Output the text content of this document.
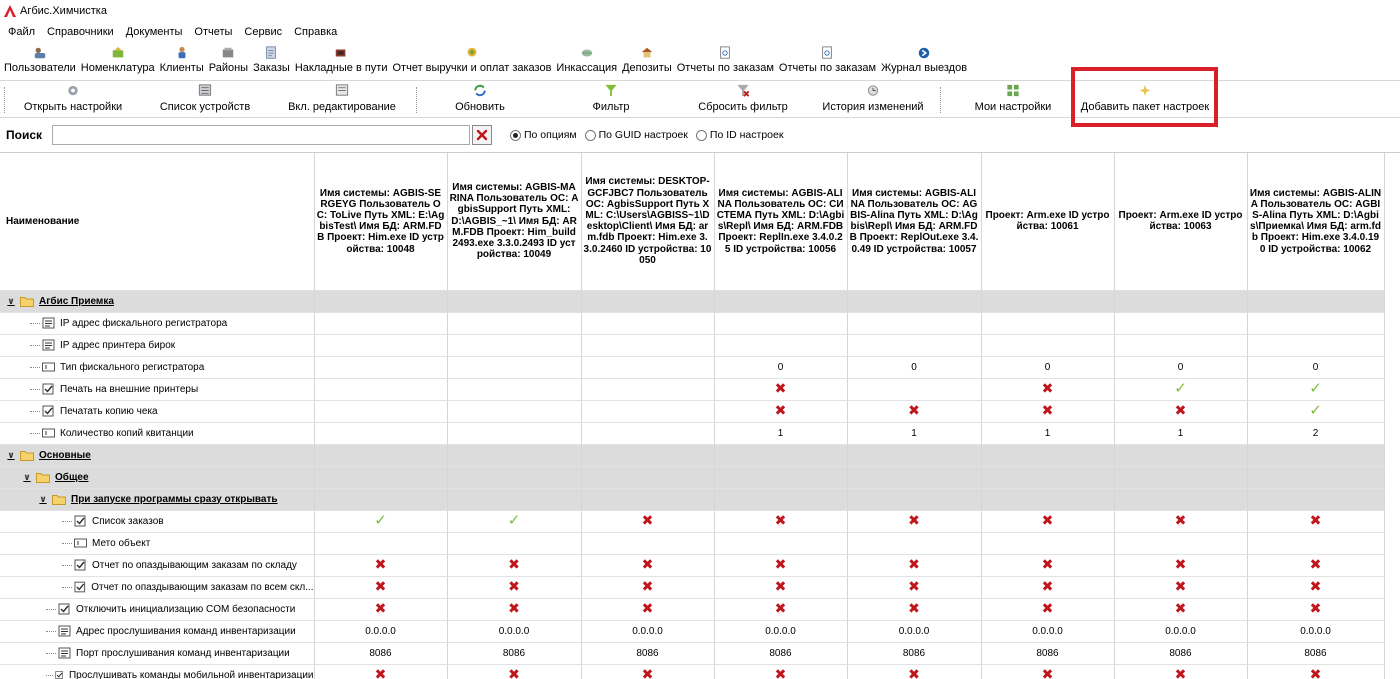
Агбис.Химчистка
Файл Справочники Документы Отчеты Сервис Справка
Пользователи Номенклатура Клиенты Районы Заказы Накладные в пути Отчет выручки и оплат заказов Инкассация Депозиты Отчеты по заказам Отчеты по заказам Журнал выездов
Открыть настройки	Список устройств	Вкл. редактирование	Обновить	Фильтр	Сбросить фильтр	История изменений	Мои настройки	Добавить пакет настроек
Поиск	По опциям По GUID настроек По ID настроек
Наименование	Имя системы: AGBIS-SERGEYG Пользователь ОС: ToLive Путь XML: E:\AgbisTest\ Имя БД: ARM.FDB Проект: Him.exe ID устройства: 10048	Имя системы: AGBIS-MARINA Пользователь ОС: AgbisSupport Путь XML: D:\AGBIS_~1\ Имя БД: ARM.FDB Проект: Him_build2493.exe 3.3.0.2493 ID устройства: 10049	Имя системы: DESKTOP-GCFJBC7 Пользователь ОС: AgbisSupport Путь XML: C:\Users\AGBISS~1\Desktop\Client\ Имя БД: arm.fdb Проект: Him.exe 3.3.0.2460 ID устройства: 10050	Имя системы: AGBIS-ALINA Пользователь ОС: СИСТЕМА Путь XML: D:\Agbis\Repl\ Имя БД: ARM.FDB Проект: ReplIn.exe 3.4.0.25 ID устройства: 10056	Имя системы: AGBIS-ALINA Пользователь ОС: AGBIS-Alina Путь XML: D:\Agbis\Repl\ Имя БД: ARM.FDB Проект: ReplOut.exe 3.4.0.49 ID устройства: 10057	Проект: Arm.exe ID устройства: 10061	Проект: Arm.exe ID устройства: 10063	Имя системы: AGBIS-ALINA Пользователь ОС: AGBIS-Alina Путь XML: D:\Agbis\Приемка\ Имя БД: arm.fdb Проект: Him.exe 3.4.0.190 ID устройства: 10062

∨ Агбис Приемка								

IP адрес фискального регистратора								

IP адрес принтера бирок								

Тип фискального регистратора				0	0	0	0	0

Печать на внешние принтеры				✖		✖	✓	✓

Печатать копию чека				✖	✖	✖	✖	✓

Количество копий квитанции				1	1	1	1	2

∨ Основные								

∨ Общее								

∨ При запуске программы сразу открывать								

Список заказов	✓	✓	✖	✖	✖	✖	✖	✖

Мето объект								

Отчет по опаздывающим заказам по складу	✖	✖	✖	✖	✖	✖	✖	✖

Отчет по опаздывающим заказам по всем скл...	✖	✖	✖	✖	✖	✖	✖	✖

Отключить инициализацию COM безопасности	✖	✖	✖	✖	✖	✖	✖	✖

Адрес прослушивания команд инвентаризации	0.0.0.0	0.0.0.0	0.0.0.0	0.0.0.0	0.0.0.0	0.0.0.0	0.0.0.0	0.0.0.0

Порт прослушивания команд инвентаризации	8086	8086	8086	8086	8086	8086	8086	8086

Прослушивать команды мобильной инвентаризации	✖	✖	✖	✖	✖	✖	✖	✖
